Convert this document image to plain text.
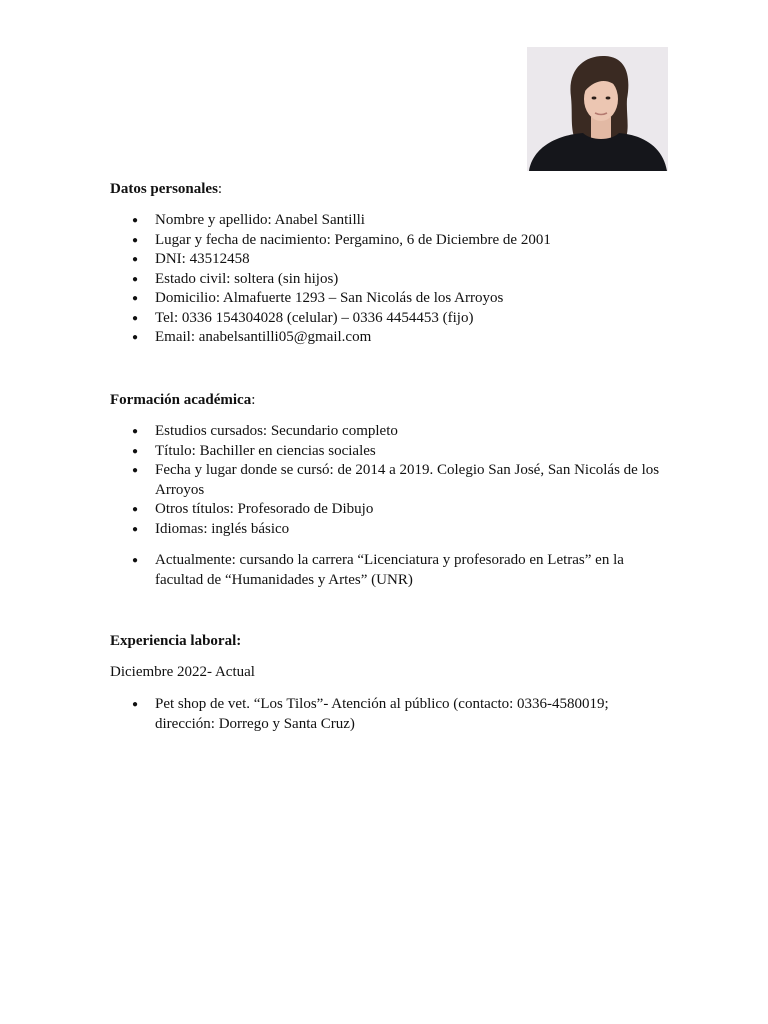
Datos personales:
● Nombre y apellido: Anabel Santilli
● Lugar y fecha de nacimiento: Pergamino, 6 de Diciembre de 2001
● DNI: 43512458
● Estado civil: soltera (sin hijos)
● Domicilio: Almafuerte 1293 – San Nicolás de los Arroyos
● Tel: 0336 154304028 (celular) – 0336 4454453 (fijo)
● Email: anabelsantilli05@gmail.com
Formación académica:
● Estudios cursados: Secundario completo
● Título: Bachiller en ciencias sociales
● Fecha y lugar donde se cursó: de 2014 a 2019. Colegio San José, San Nicolás de los Arroyos
● Otros títulos: Profesorado de Dibujo
● Idiomas: inglés básico
● Actualmente: cursando la carrera “Licenciatura y profesorado en Letras” en la facultad de “Humanidades y Artes” (UNR)
Experiencia laboral:

Diciembre 2022- Actual

● Pet shop de vet. “Los Tilos”- Atención al público (contacto: 0336-4580019; dirección: Dorrego y Santa Cruz)
